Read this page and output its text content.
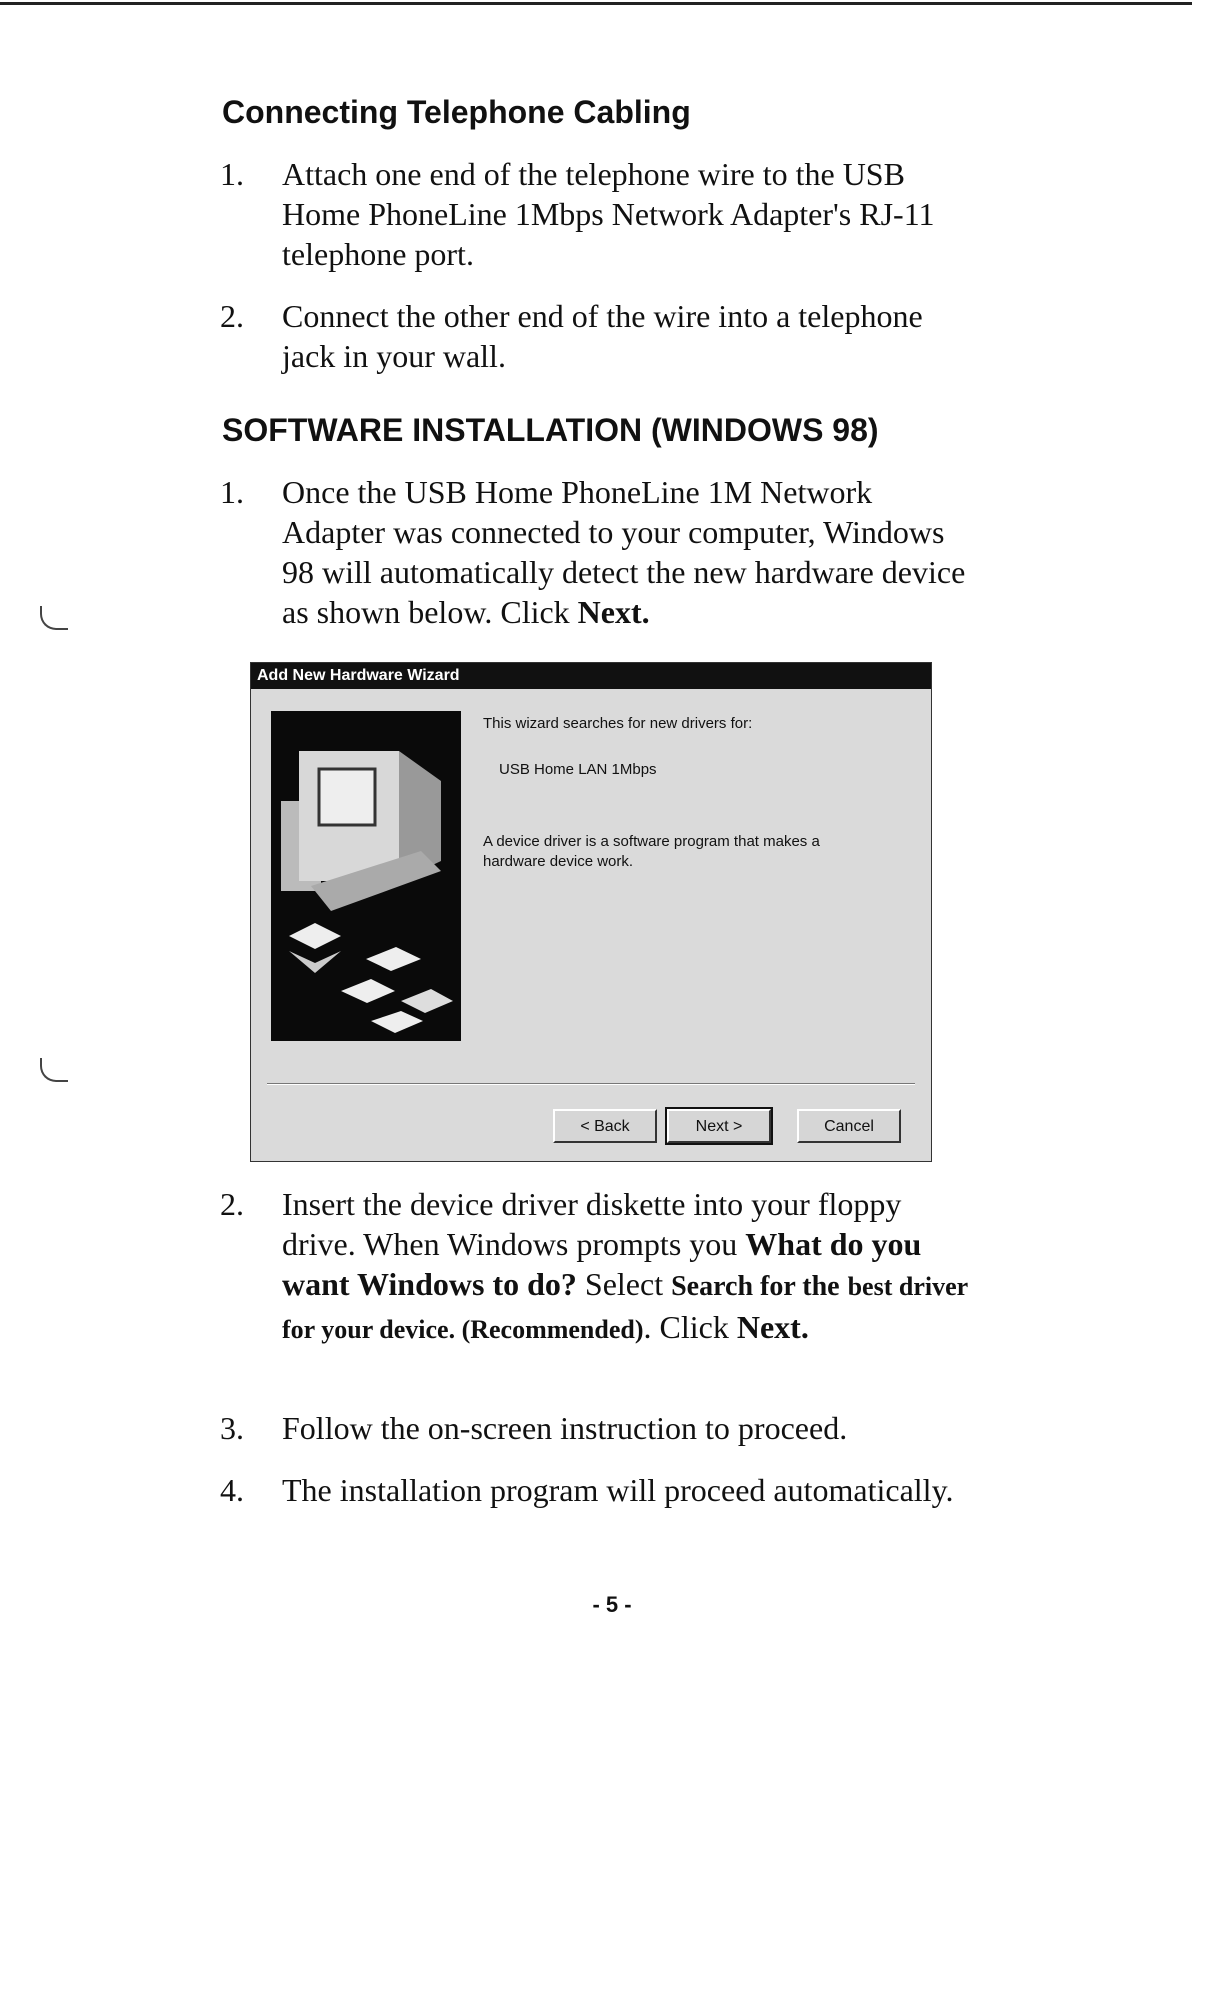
Connecting Telephone Cabling
1. Attach one end of the telephone wire to the USB Home PhoneLine 1Mbps Network Adapter's RJ-11 telephone port.
2. Connect the other end of the wire into a telephone jack in your wall.
SOFTWARE INSTALLATION (WINDOWS 98)
1. Once the USB Home PhoneLine 1M Network Adapter was connected to your computer, Windows 98 will automatically detect the new hardware device as shown below. Click Next.
Add New Hardware Wizard
This wizard searches for new drivers for:
USB Home LAN 1Mbps
A device driver is a software program that makes a
hardware device work.
< Back	Next >	Cancel
2. Insert the device driver diskette into your floppy drive. When Windows prompts you What do you want Windows to do? Select Search for the best driver for your device. (Recommended). Click Next.
3. Follow the on-screen instruction to proceed.
4. The installation program will proceed automatically.
- 5 -
